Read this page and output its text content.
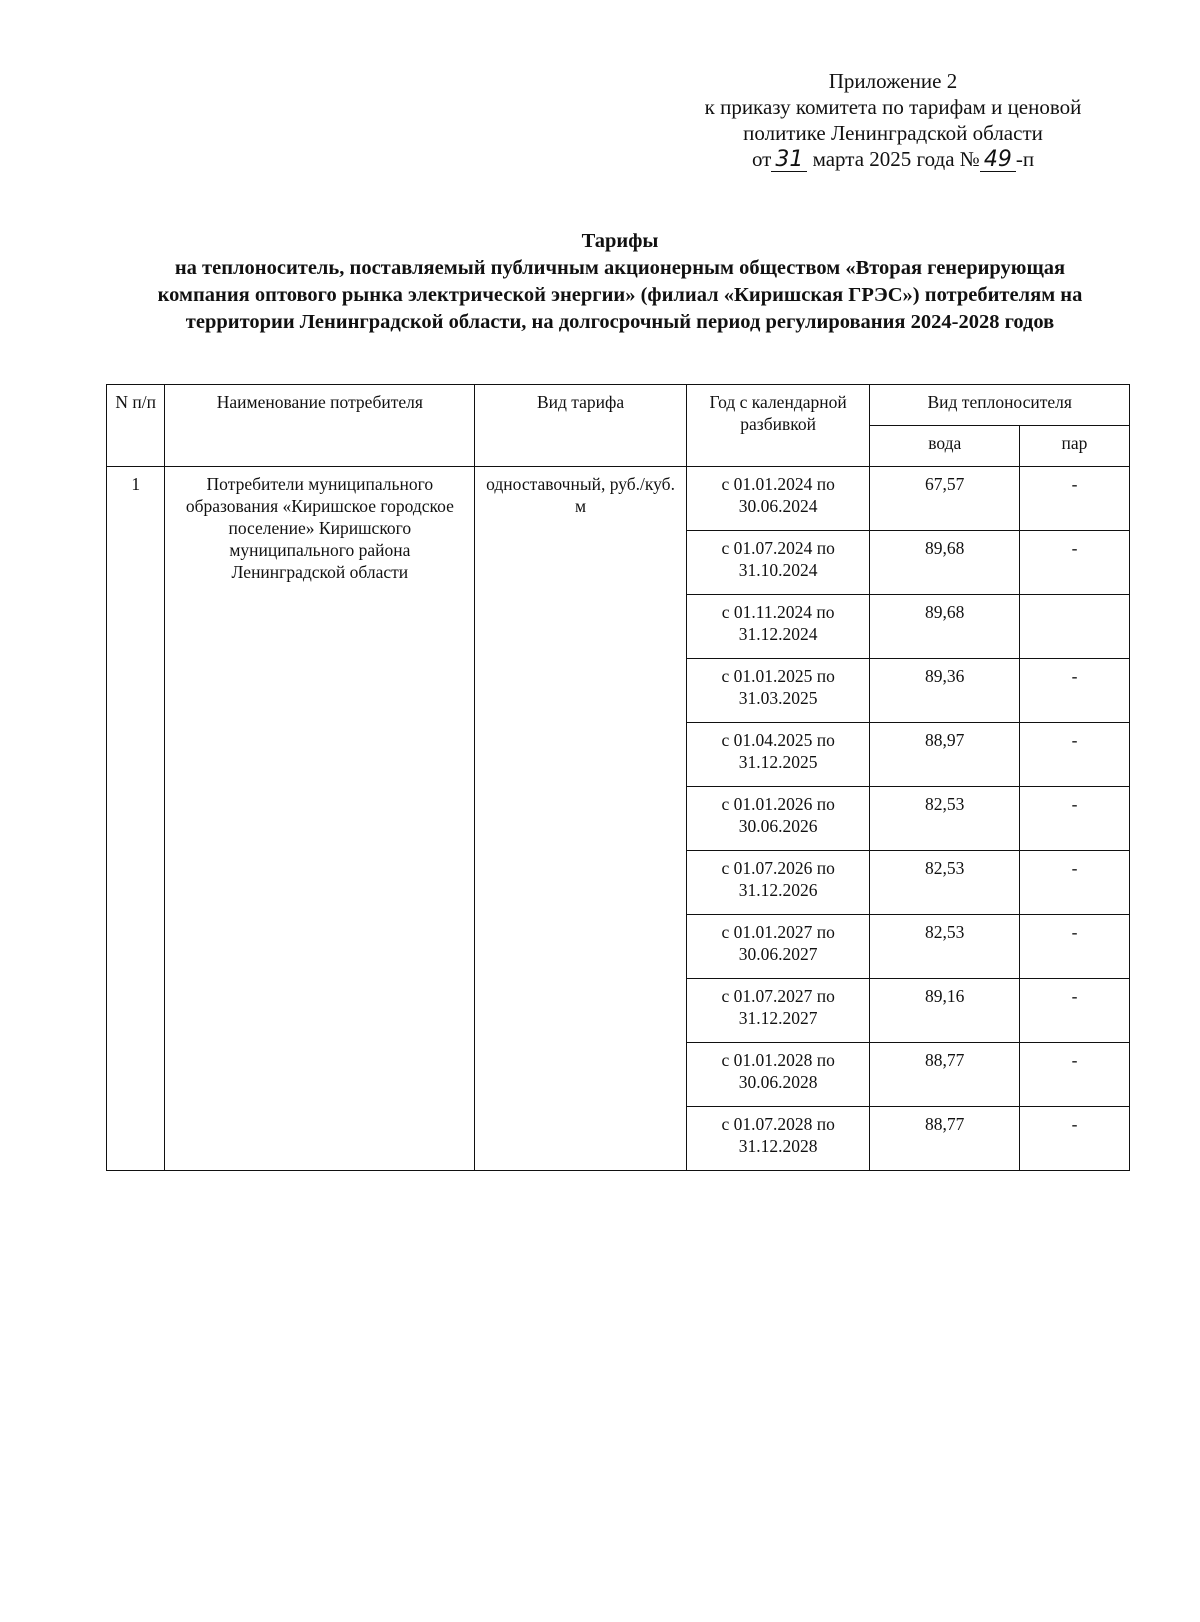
Приложение 2
к приказу комитета по тарифам и ценовой
политике Ленинградской области
от 31 марта 2025 года № 49 -п
Тарифы
на теплоноситель, поставляемый публичным акционерным обществом «Вторая генерирующая компания оптового рынка электрической энергии» (филиал «Киришская ГРЭС») потребителям на территории Ленинградской области, на долгосрочный период регулирования 2024-2028 годов
N п/п	Наименование потребителя	Вид тарифа	Год с календарной разбивкой	Вид теплоносителя	
				вода	пар
1	Потребители муниципального образования «Киришское городское поселение» Киришского муниципального района Ленинградской области	одноставочный, руб./куб. м	с 01.01.2024 по 30.06.2024	67,57	-
			с 01.07.2024 по 31.10.2024	89,68	-
			с 01.11.2024 по 31.12.2024	89,68	
			с 01.01.2025 по 31.03.2025	89,36	-
			с 01.04.2025 по 31.12.2025	88,97	-
			с 01.01.2026 по 30.06.2026	82,53	-
			с 01.07.2026 по 31.12.2026	82,53	-
			с 01.01.2027 по 30.06.2027	82,53	-
			с 01.07.2027 по 31.12.2027	89,16	-
			с 01.01.2028 по 30.06.2028	88,77	-
			с 01.07.2028 по 31.12.2028	88,77	-
